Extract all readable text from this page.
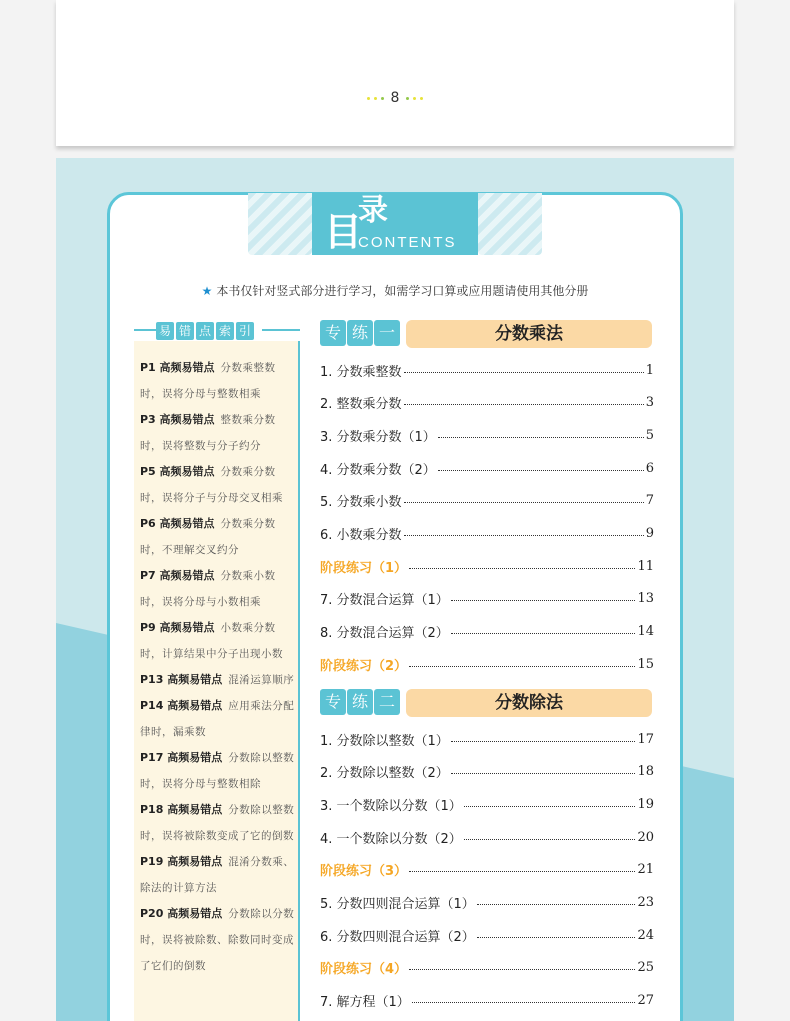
8
目
录
CONTENTS
★ 本书仅针对竖式部分进行学习，如需学习口算或应用题请使用其他分册
易 错 点 索 引
P1 高频易错点 分数乘整数时，误将分母与整数相乘
P3 高频易错点 整数乘分数时，误将整数与分子约分
P5 高频易错点 分数乘分数时，误将分子与分母交叉相乘
P6 高频易错点 分数乘分数时，不理解交叉约分
P7 高频易错点 分数乘小数时，误将分母与小数相乘
P9 高频易错点 小数乘分数时，计算结果中分子出现小数
P13 高频易错点 混淆运算顺序
P14 高频易错点 应用乘法分配律时，漏乘数
P17 高频易错点 分数除以整数时，误将分母与整数相除
P18 高频易错点 分数除以整数时，误将被除数变成了它的倒数
P19 高频易错点 混淆分数乘、除法的计算方法
P20 高频易错点 分数除以分数时，误将被除数、除数同时变成了它们的倒数
专 练 一	分数乘法
1. 分数乘整数	1
2. 整数乘分数	3
3. 分数乘分数（1）	5
4. 分数乘分数（2）	6
5. 分数乘小数	7
6. 小数乘分数	9
阶段练习（1）	11
7. 分数混合运算（1）	13
8. 分数混合运算（2）	14
阶段练习（2）	15
专 练 二	分数除法
1. 分数除以整数（1）	17
2. 分数除以整数（2）	18
3. 一个数除以分数（1）	19
4. 一个数除以分数（2）	20
阶段练习（3）	21
5. 分数四则混合运算（1）	23
6. 分数四则混合运算（2）	24
阶段练习（4）	25
7. 解方程（1）	27
